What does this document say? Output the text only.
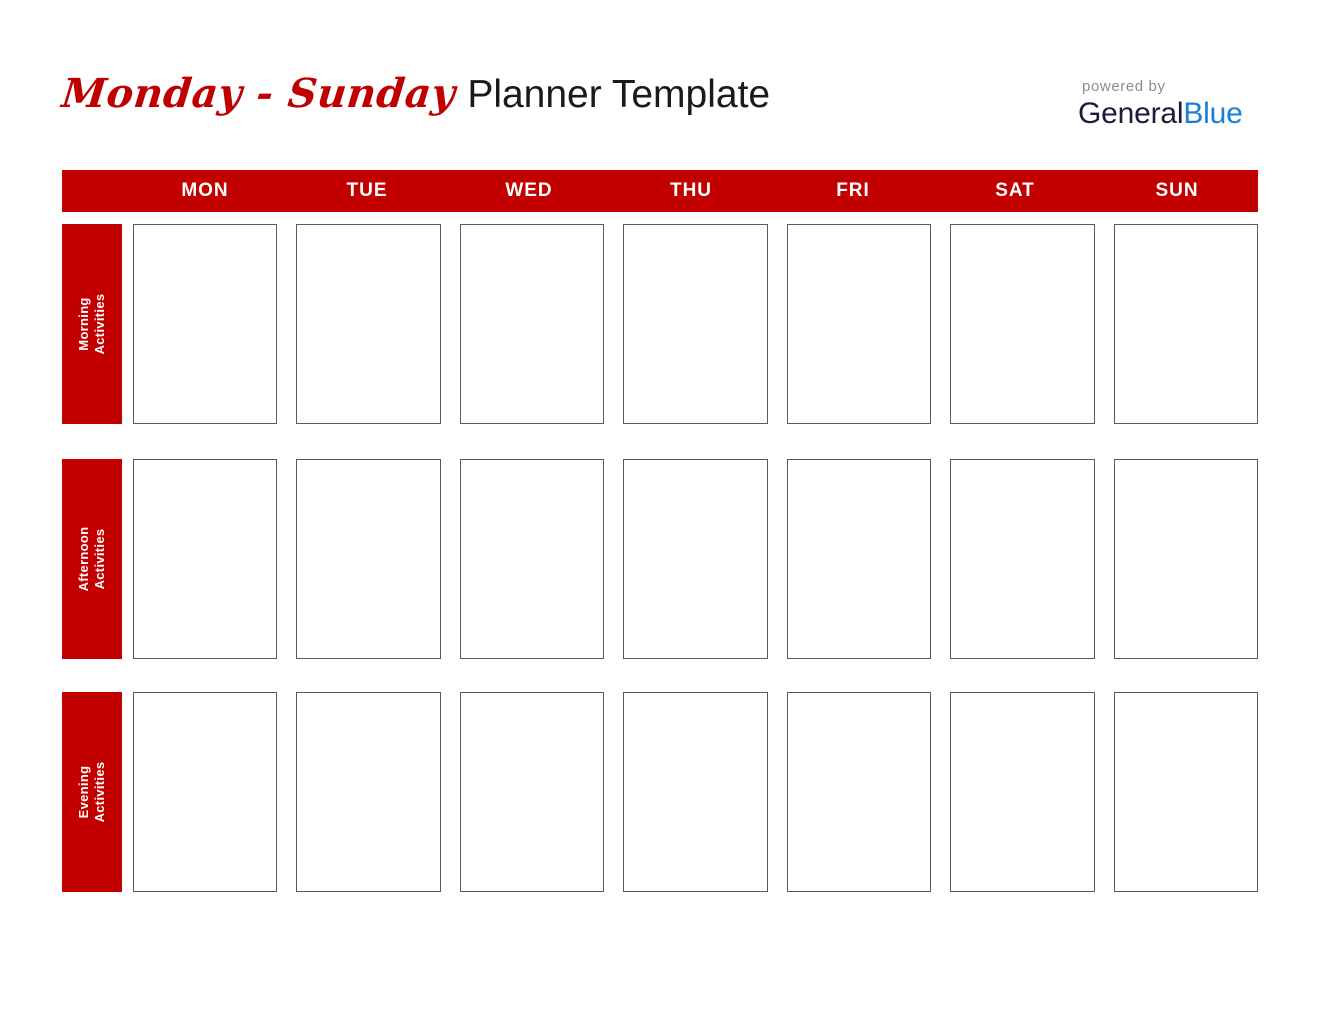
Monday - Sunday Planner Template	powered by
GeneralBlue
MON	TUE	WED	THU	FRI	SAT	SUN
Morning
Activities
Afternoon
Activities
Evening
Activities
